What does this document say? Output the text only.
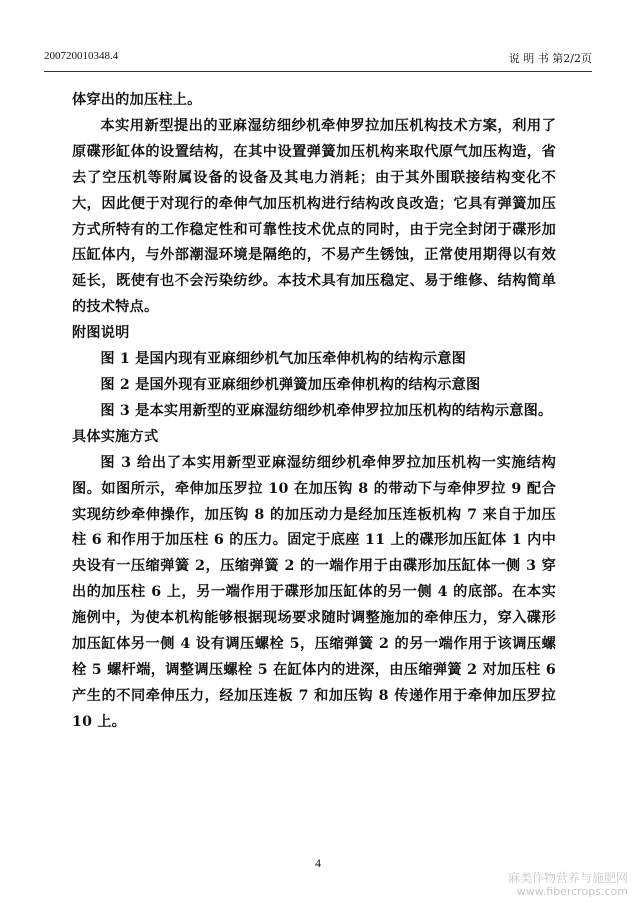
200720010348.4	说 明 书 第2/2页

体穿出的加压柱上。

本实用新型提出的亚麻湿纺细纱机牵伸罗拉加压机构技术方案，利用了原碟形缸体的设置结构，在其中设置弹簧加压机构来取代原气加压构造，省去了空压机等附属设备的设备及其电力消耗；由于其外围联接结构变化不大，因此便于对现行的牵伸气加压机构进行结构改良改造；它具有弹簧加压方式所特有的工作稳定性和可靠性技术优点的同时，由于完全封闭于碟形加压缸体内，与外部潮湿环境是隔绝的，不易产生锈蚀，正常使用期得以有效延长，既使有也不会污染纺纱。本技术具有加压稳定、易于维修、结构简单的技术特点。

附图说明

图 1 是国内现有亚麻细纱机气加压牵伸机构的结构示意图

图 2 是国外现有亚麻细纱机弹簧加压牵伸机构的结构示意图

图 3 是本实用新型的亚麻湿纺细纱机牵伸罗拉加压机构的结构示意图。

具体实施方式

图 3 给出了本实用新型亚麻湿纺细纱机牵伸罗拉加压机构一实施结构图。如图所示，牵伸加压罗拉 10 在加压钩 8 的带动下与牵伸罗拉 9 配合实现纺纱牵伸操作，加压钩 8 的加压动力是经加压连板机构 7 来自于加压柱 6 和作用于加压柱 6 的压力。固定于底座 11 上的碟形加压缸体 1 内中央设有一压缩弹簧 2，压缩弹簧 2 的一端作用于由碟形加压缸体一侧 3 穿出的加压柱 6 上，另一端作用于碟形加压缸体的另一侧 4 的底部。在本实施例中，为使本机构能够根据现场要求随时调整施加的牵伸压力，穿入碟形加压缸体另一侧 4 设有调压螺栓 5，压缩弹簧 2 的另一端作用于该调压螺栓 5 螺杆端，调整调压螺栓 5 在缸体内的进深，由压缩弹簧 2 对加压柱 6 产生的不同牵伸压力，经加压连板 7 和加压钩 8 传递作用于牵伸加压罗拉 10 上。

4
麻类作物营养与施肥网
www.fibercrops.com
